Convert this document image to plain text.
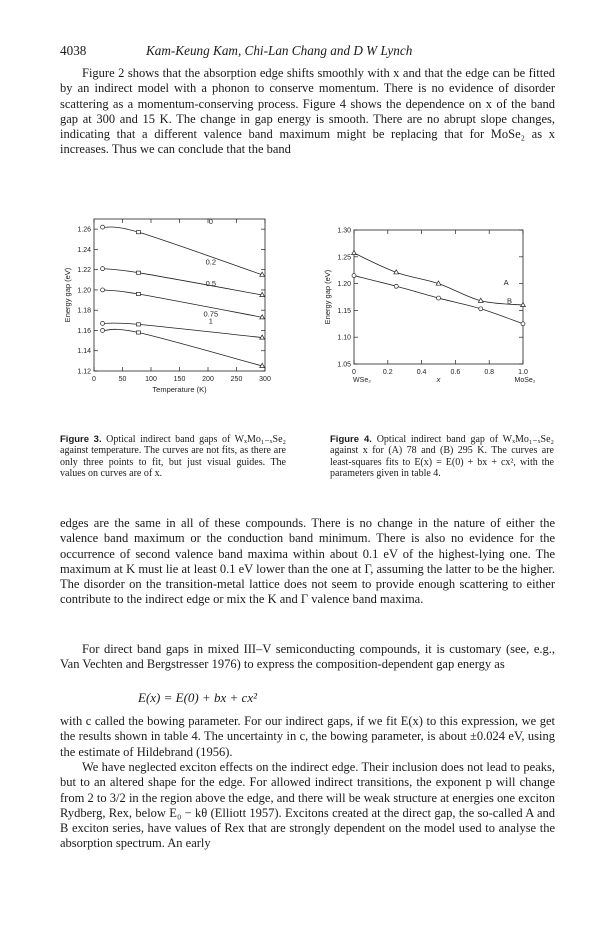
4038	Kam-Keung Kam, Chi-Lan Chang and D W Lynch

Figure 2 shows that the absorption edge shifts smoothly with x and that the edge can be fitted by an indirect model with a phonon to conserve momentum. There is no evidence of disorder scattering as a momentum-conserving process. Figure 4 shows the dependence on x of the band gap at 300 and 15 K. The change in gap energy is smooth. There are no abrupt slope changes, indicating that a different valence band maximum might be replacing that for MoSe₂ as x increases. Thus we can conclude that the band

0	50	100 150 200 250 300
1.12
1.14
1.16
1.18
1.20
1.22
1.24
1.26
Energy gap (eV)
Temperature (K)
0
0.2
0.5
0.75
1
0	0.2	0.4	0.6	0.8	1.0
1.05
1.10
1.15
1.20
1.25
1.30
Energy gap (eV)
x
A
B
WSe₂	MoSe₂
Figure 3. Optical indirect band gaps of WₓMo₁₋ₓSe₂ against temperature. The curves are not fits, as there are only three points to fit, but just visual guides. The values on curves are of x.
Figure 4. Optical indirect band gap of WₓMo₁₋ₓSe₂ against x for (A) 78 and (B) 295 K. The curves are least-squares fits to E(x) = E(0) + bx + cx², with the parameters given in table 4.

edges are the same in all of these compounds. There is no change in the nature of either the valence band maximum or the conduction band minimum. There is also no evidence for the occurrence of second valence band maxima within about 0.1 eV of the highest-lying one. The maximum at K must lie at least 0.1 eV lower than the one at Γ, assuming the latter to be the higher. The disorder on the transition-metal lattice does not seem to provide enough scattering to either contribute to the indirect edge or mix the K and Γ valence band maxima.

For direct band gaps in mixed III–V semiconducting compounds, it is customary (see, e.g., Van Vechten and Bergstresser 1976) to express the composition-dependent gap energy as

E(x) = E(0) + bx + cx²

with c called the bowing parameter. For our indirect gaps, if we fit E(x) to this expression, we get the results shown in table 4. The uncertainty in c, the bowing parameter, is about ±0.024 eV, using the estimate of Hildebrand (1956).

We have neglected exciton effects on the indirect edge. Their inclusion does not lead to peaks, but to an altered shape for the edge. For allowed indirect transitions, the exponent p will change from 2 to 3/2 in the region above the edge, and there will be weak structure at energies one exciton Rydberg, Rex, below E₀ − kθ (Elliott 1957). Excitons created at the direct gap, the so-called A and B exciton series, have values of Rex that are strongly dependent on the model used to analyse the absorption spectrum. An early
